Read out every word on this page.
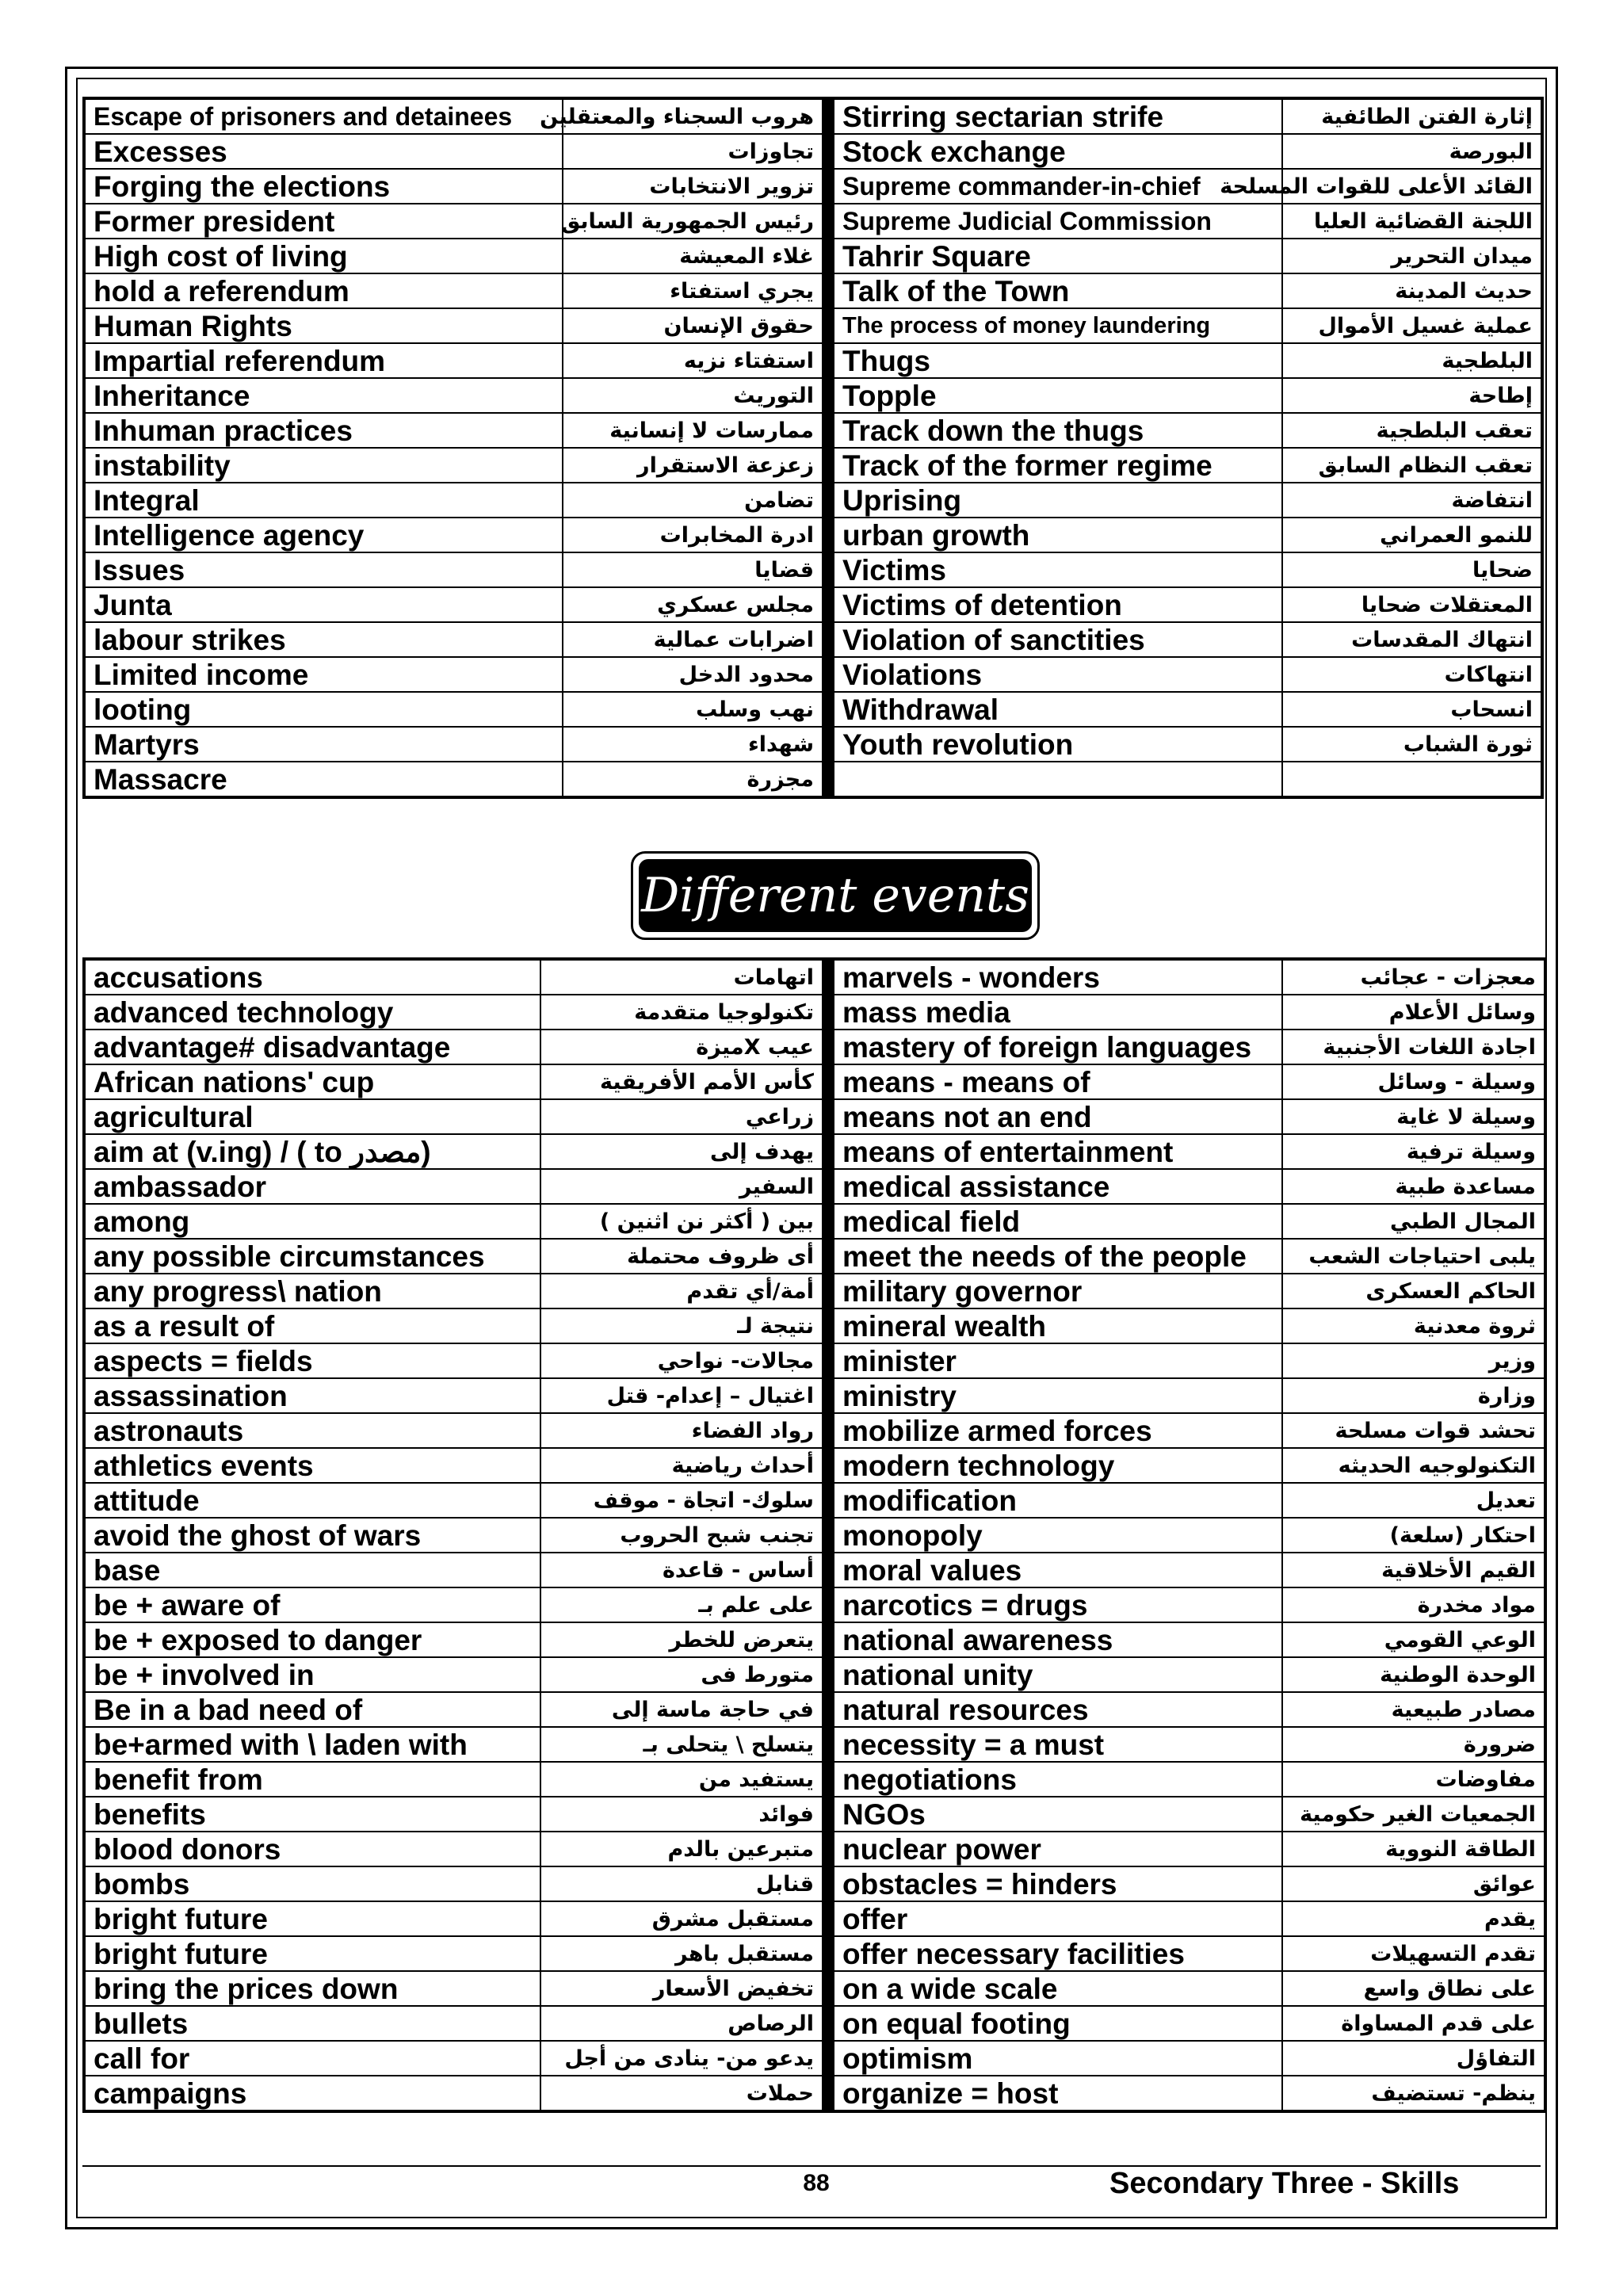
Escape of prisoners and detainees	هروب السجناء والمعتقلين		Stirring sectarian strife	إثارة الفتن الطائفية
Excesses	تجاوزات		Stock exchange	البورصة
Forging the elections	تزوير الانتخابات		Supreme commander-in-chief	القائد الأعلى للقوات المسلحة
Former president	رئيس الجمهورية السابق		Supreme Judicial Commission	اللجنة القضائية العليا
High cost of living	غلاء المعيشة		Tahrir Square	ميدان التحرير
hold a referendum	يجري استفتاء		Talk of the Town	حديث المدينة
Human Rights	حقوق الإنسان		The process of money laundering	عملية غسيل الأموال
Impartial referendum	استفتاء نزيه		Thugs	البلطجية
Inheritance	التوريث		Topple	إطاحة
Inhuman practices	ممارسات لا إنسانية		Track down the thugs	تعقب البلطجية
instability	زعزعة الاستقرار		Track of the former regime	تعقب النظام السابق
Integral	تضامن		Uprising	انتفاضة
Intelligence agency	ادرة المخابرات		urban growth	للنمو العمراني
Issues	قضايا		Victims	ضحايا
Junta	مجلس عسكري		Victims of detention	المعتقلات ضحايا
labour strikes	اضرابات عمالية		Violation of sanctities	انتهاك المقدسات
Limited income	محدود الدخل		Violations	انتهاكات
looting	نهب وسلب		Withdrawal	انسحاب
Martyrs	شهداء		Youth revolution	ثورة الشباب
Massacre	مجزرة			
Different events
accusations	اتهامات		marvels - wonders	معجزات - عجائب
advanced technology	تكنولوجيا متقدمة		mass media	وسائل الأعلام
advantage# disadvantage	عيب Xميزة		mastery of foreign languages	اجادة اللغات الأجنبية
African nations' cup	كأس الأمم الأفريقية		means - means of	وسيلة - وسائل
agricultural	زراعي		means not an end	وسيلة لا غاية
aim at (v.ing) / ( to مصدر)	يهدف إلى		means of entertainment	وسيلة ترفية
ambassador	السفير		medical assistance	مساعدة طبية
among	بين ( أكثر نن اثنين )		medical field	المجال الطبي
any possible circumstances	أى ظروف محتملة		meet the needs of the people	يلبى احتياجات الشعب
any progress\ nation	أمة/أي تقدم		military governor	الحاكم العسكرى
as a result of	نتيجة لـ		mineral wealth	ثروة معدنية
aspects = fields	مجالات- نواحي		minister	وزير
assassination	اغتيال – إعدام- قتل		ministry	وزارة
astronauts	رواد الفضاء		mobilize armed forces	تحشد قوات مسلحة
athletics events	أحداث رياضية		modern technology	التكنولوجيه الحديثه
attitude	سلوك- اتجاة - موقف		modification	تعديل
avoid the ghost of wars	تجنب شبح الحروب		monopoly	احتكار (سلعة)
base	أساس - قاعدة		moral values	القيم الأخلاقية
be + aware of	على علم بـ		narcotics = drugs	مواد مخدرة
be + exposed to danger	يتعرض للخطر		national awareness	الوعي القومي
be + involved in	متورط فى		national unity	الوحدة الوطنية
Be in a bad need of	في حاجة ماسة إلى		natural resources	مصادر طبيعية
be+armed with \ laden with	يتسلح \ يتحلى بـ		necessity = a must	ضرورة
benefit from	يستفيد من		negotiations	مفاوضات
benefits	فوائد		NGOs	الجمعيات الغير حكومية
blood donors	متبرعين بالدم		nuclear power	الطاقة النووية
bombs	قنابل		obstacles = hinders	عوائق
bright future	مستقبل مشرق		offer	يقدم
bright future	مستقبل باهر		offer necessary facilities	تقدم التسهيلات
bring the prices down	تخفيض الأسعار		on a wide scale	على نطاق واسع
bullets	الرصاص		on equal footing	على قدم المساواة
call for	يدعو من- ينادى من أجل		optimism	التفاؤل
campaigns	حملات		organize = host	ينظم- تستضيف
88	Secondary Three - Skills
